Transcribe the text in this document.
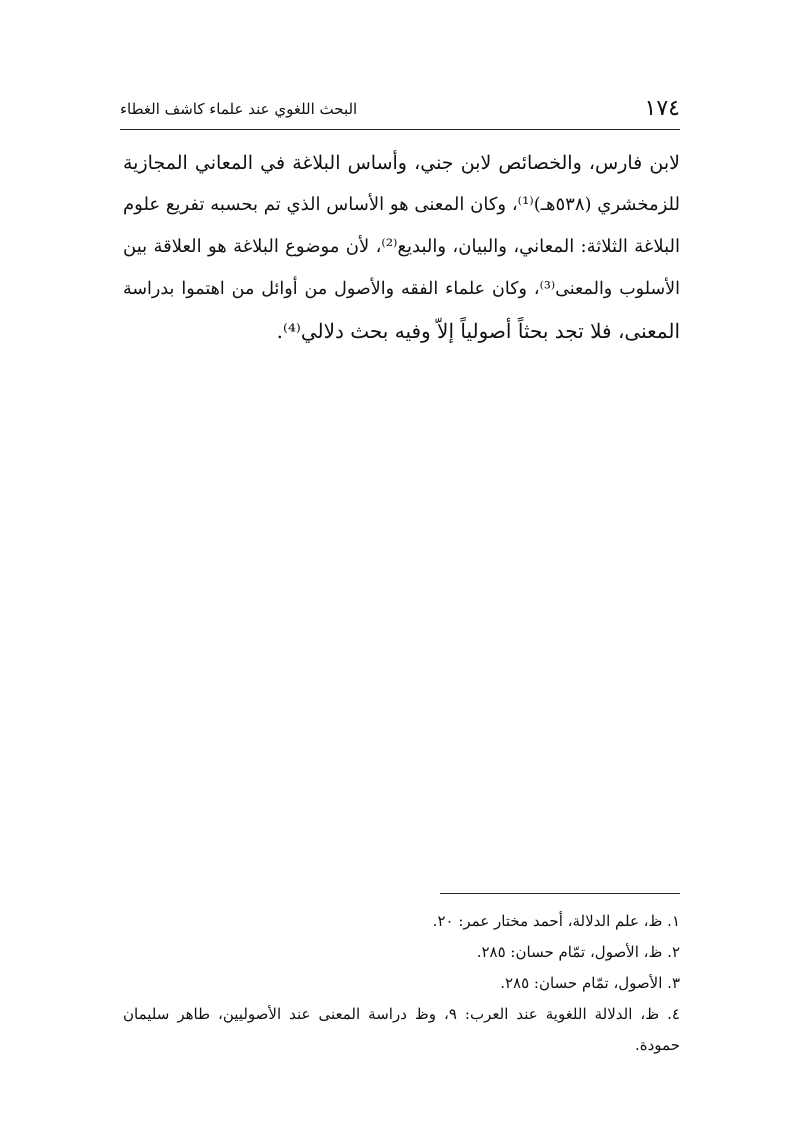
١٧٤
البحث اللغوي عند علماء كاشف الغطاء
لابن فارس، والخصائص لابن جني، وأساس البلاغة في المعاني المجازية
للزمخشري (٥٣٨هـ)⁽¹⁾، وكان المعنى هو الأساس الذي تم بحسبه تفريع علوم
البلاغة الثلاثة: المعاني، والبيان، والبديع⁽²⁾، لأن موضوع البلاغة هو العلاقة بين
الأسلوب والمعنى⁽³⁾، وكان علماء الفقه والأصول من أوائل من اهتموا بدراسة
المعنى، فلا تجد بحثاً أصولياً إلاّ وفيه بحث دلالي⁽⁴⁾.
١. ظ، علم الدلالة، أحمد مختار عمر: ٢٠.
٢. ظ، الأصول، تمّام حسان: ٢٨٥.
٣. الأصول، تمّام حسان: ٢٨٥.
٤. ظ، الدلالة اللغوية عند العرب: ٩، وظ دراسة المعنى عند الأصوليين، طاهر سليمان
حمودة.
